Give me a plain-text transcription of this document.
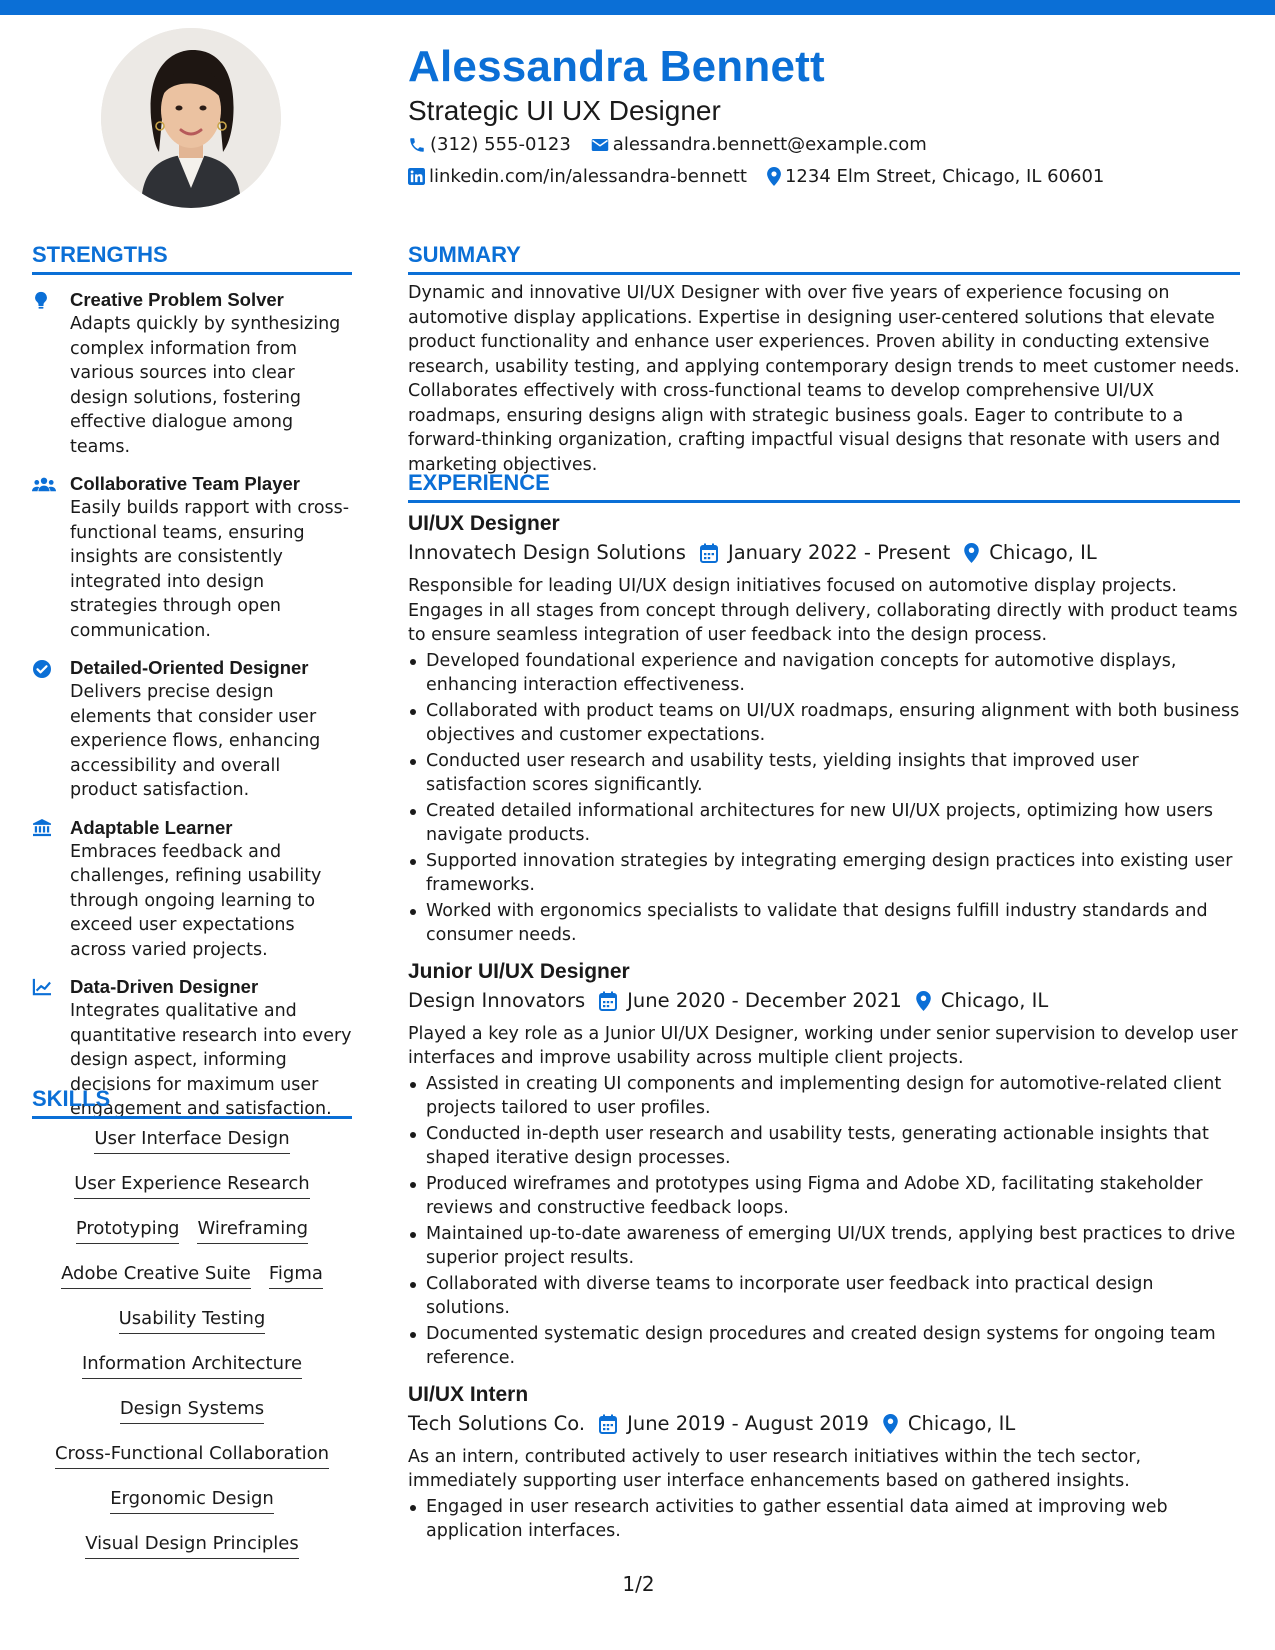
Alessandra Bennett
Strategic UI UX Designer
(312) 555-0123 alessandra.bennett@example.com
linkedin.com/in/alessandra-bennett 1234 Elm Street, Chicago, IL 60601
STRENGTHS
Creative Problem Solver
Adapts quickly by synthesizing complex information from various sources into clear design solutions, fostering effective dialogue among teams.
Collaborative Team Player
Easily builds rapport with cross-functional teams, ensuring insights are consistently integrated into design strategies through open communication.
Detailed-Oriented Designer
Delivers precise design elements that consider user experience flows, enhancing accessibility and overall product satisfaction.
Adaptable Learner
Embraces feedback and challenges, refining usability through ongoing learning to exceed user expectations across varied projects.
Data-Driven Designer
Integrates qualitative and quantitative research into every design aspect, informing decisions for maximum user engagement and satisfaction.
SKILLS
User Interface Design
User Experience Research
Prototyping Wireframing
Adobe Creative Suite Figma
Usability Testing
Information Architecture
Design Systems
Cross-Functional Collaboration
Ergonomic Design
Visual Design Principles
SUMMARY
Dynamic and innovative UI/UX Designer with over five years of experience focusing on automotive display applications. Expertise in designing user-centered solutions that elevate product functionality and enhance user experiences. Proven ability in conducting extensive research, usability testing, and applying contemporary design trends to meet customer needs. Collaborates effectively with cross-functional teams to develop comprehensive UI/UX roadmaps, ensuring designs align with strategic business goals. Eager to contribute to a forward-thinking organization, crafting impactful visual designs that resonate with users and marketing objectives.
EXPERIENCE
UI/UX Designer
Innovatech Design Solutions January 2022 - Present Chicago, IL
Responsible for leading UI/UX design initiatives focused on automotive display projects. Engages in all stages from concept through delivery, collaborating directly with product teams to ensure seamless integration of user feedback into the design process.
Developed foundational experience and navigation concepts for automotive displays, enhancing interaction effectiveness.
Collaborated with product teams on UI/UX roadmaps, ensuring alignment with both business objectives and customer expectations.
Conducted user research and usability tests, yielding insights that improved user satisfaction scores significantly.
Created detailed informational architectures for new UI/UX projects, optimizing how users navigate products.
Supported innovation strategies by integrating emerging design practices into existing user frameworks.
Worked with ergonomics specialists to validate that designs fulfill industry standards and consumer needs.
Junior UI/UX Designer
Design Innovators June 2020 - December 2021 Chicago, IL
Played a key role as a Junior UI/UX Designer, working under senior supervision to develop user interfaces and improve usability across multiple client projects.
Assisted in creating UI components and implementing design for automotive-related client projects tailored to user profiles.
Conducted in-depth user research and usability tests, generating actionable insights that shaped iterative design processes.
Produced wireframes and prototypes using Figma and Adobe XD, facilitating stakeholder reviews and constructive feedback loops.
Maintained up-to-date awareness of emerging UI/UX trends, applying best practices to drive superior project results.
Collaborated with diverse teams to incorporate user feedback into practical design solutions.
Documented systematic design procedures and created design systems for ongoing team reference.
UI/UX Intern
Tech Solutions Co. June 2019 - August 2019 Chicago, IL
As an intern, contributed actively to user research initiatives within the tech sector, immediately supporting user interface enhancements based on gathered insights.
Engaged in user research activities to gather essential data aimed at improving web application interfaces.
1/2
